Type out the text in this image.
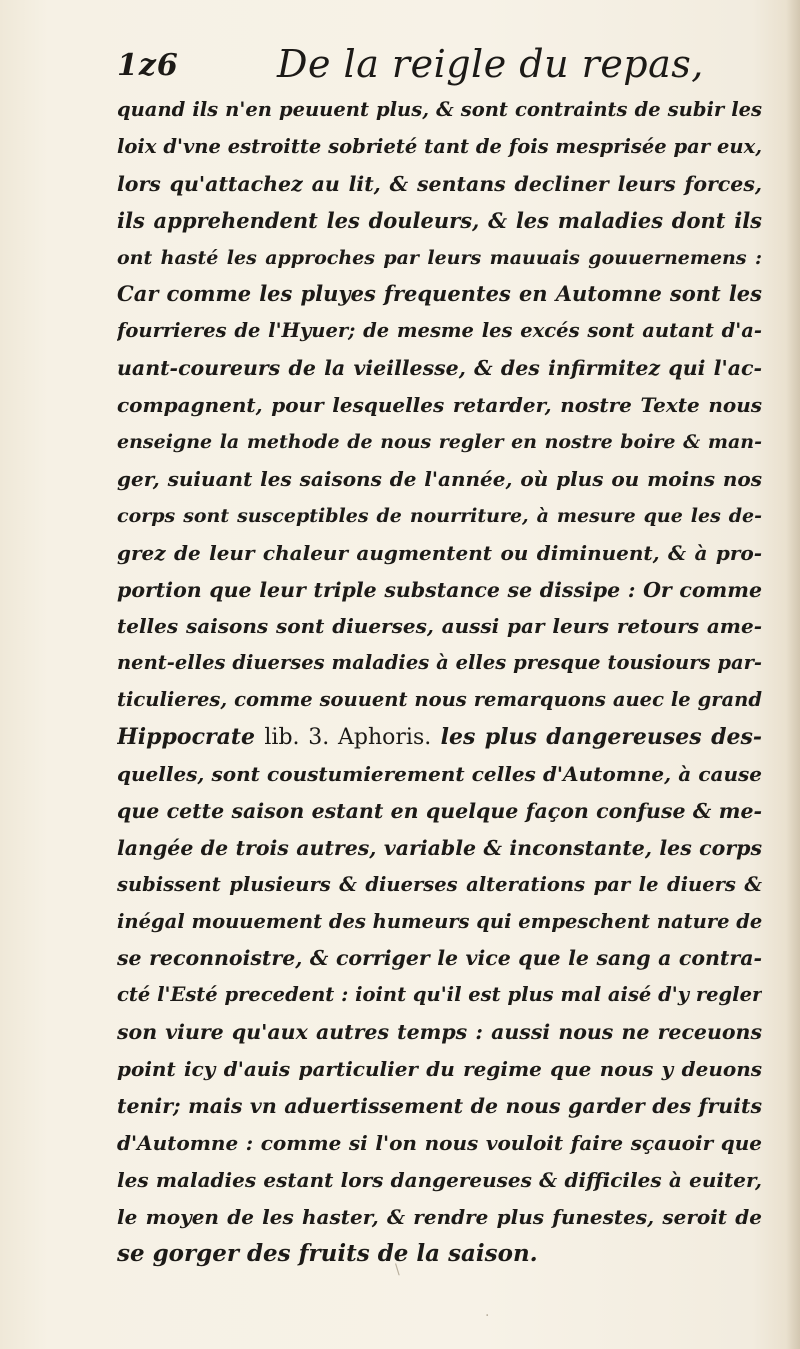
1z6	De la reigle du repas,
quand ils n'en peuuent plus, & sont contraints de subir les
loix d'vne estroitte sobrieté tant de fois mesprisée par eux,
lors qu'attachez au lit, & sentans decliner leurs forces,
ils apprehendent les douleurs, & les maladies dont ils
ont hasté les approches par leurs mauuais gouuernemens :
Car comme les pluyes frequentes en Automne sont les
fourrieres de l'Hyuer; de mesme les excés sont autant d'a-
uant-coureurs de la vieillesse, & des infirmitez qui l'ac-
compagnent, pour lesquelles retarder, nostre Texte nous
enseigne la methode de nous regler en nostre boire & man-
ger, suiuant les saisons de l'année, où plus ou moins nos
corps sont susceptibles de nourriture, à mesure que les de-
grez de leur chaleur augmentent ou diminuent, & à pro-
portion que leur triple substance se dissipe : Or comme
telles saisons sont diuerses, aussi par leurs retours ame-
nent-elles diuerses maladies à elles presque tousiours par-
ticulieres, comme souuent nous remarquons auec le grand
Hippocrate lib. 3. Aphoris. les plus dangereuses des-
quelles, sont coustumierement celles d'Automne, à cause
que cette saison estant en quelque façon confuse & me-
langée de trois autres, variable & inconstante, les corps
subissent plusieurs & diuerses alterations par le diuers &
inégal mouuement des humeurs qui empeschent nature de
se reconnoistre, & corriger le vice que le sang a contra-
cté l'Esté precedent : ioint qu'il est plus mal aisé d'y regler
son viure qu'aux autres temps : aussi nous ne receuons
point icy d'auis particulier du regime que nous y deuons
tenir; mais vn aduertissement de nous garder des fruits
d'Automne : comme si l'on nous vouloit faire sçauoir que
les maladies estant lors dangereuses & difficiles à euiter,
le moyen de les haster, & rendre plus funestes, seroit de
se gorger des fruits de la saison.
\
·
